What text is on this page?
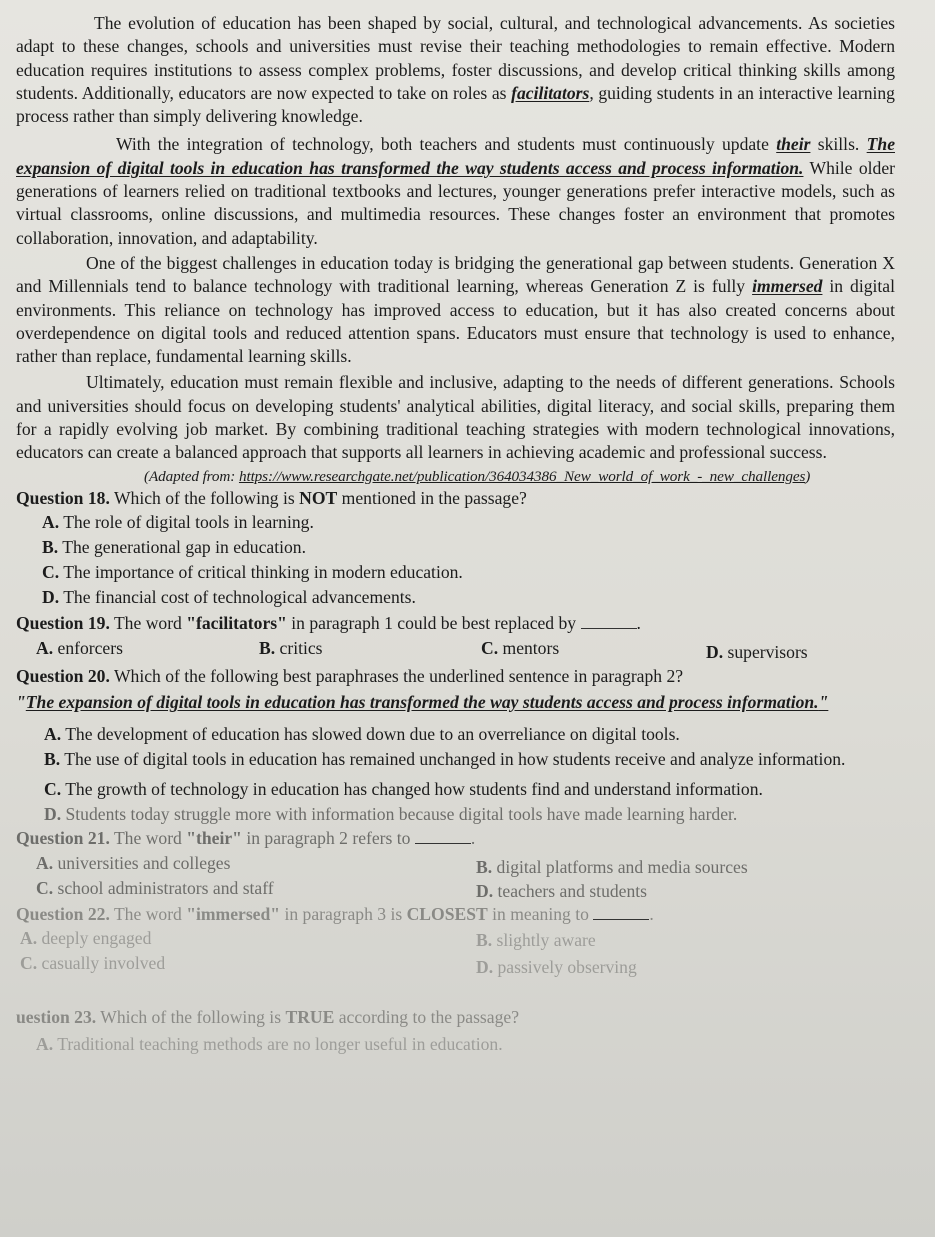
The evolution of education has been shaped by social, cultural, and technological advancements. As societies adapt to these changes, schools and universities must revise their teaching methodologies to remain effective. Modern education requires institutions to assess complex problems, foster discussions, and develop critical thinking skills among students. Additionally, educators are now expected to take on roles as facilitators, guiding students in an interactive learning process rather than simply delivering knowledge.

With the integration of technology, both teachers and students must continuously update their skills. The expansion of digital tools in education has transformed the way students access and process information. While older generations of learners relied on traditional textbooks and lectures, younger generations prefer interactive models, such as virtual classrooms, online discussions, and multimedia resources. These changes foster an environment that promotes collaboration, innovation, and adaptability.

One of the biggest challenges in education today is bridging the generational gap between students. Generation X and Millennials tend to balance technology with traditional learning, whereas Generation Z is fully immersed in digital environments. This reliance on technology has improved access to education, but it has also created concerns about overdependence on digital tools and reduced attention spans. Educators must ensure that technology is used to enhance, rather than replace, fundamental learning skills.

Ultimately, education must remain flexible and inclusive, adapting to the needs of different generations. Schools and universities should focus on developing students' analytical abilities, digital literacy, and social skills, preparing them for a rapidly evolving job market. By combining traditional teaching strategies with modern technological innovations, educators can create a balanced approach that supports all learners in achieving academic and professional success.

(Adapted from: https://www.researchgate.net/publication/364034386_New_world_of_work_-_new_challenges)

Question 18. Which of the following is NOT mentioned in the passage?

A. The role of digital tools in learning.

B. The generational gap in education.

C. The importance of critical thinking in modern education.

D. The financial cost of technological advancements.

Question 19. The word "facilitators" in paragraph 1 could be best replaced by	.

A. enforcers	B. critics	C. mentors	D. supervisors

Question 20. Which of the following best paraphrases the underlined sentence in paragraph 2?

"The expansion of digital tools in education has transformed the way students access and process information."

A. The development of education has slowed down due to an overreliance on digital tools.

B. The use of digital tools in education has remained unchanged in how students receive and analyze information.

C. The growth of technology in education has changed how students find and understand information.

D. Students today struggle more with information because digital tools have made learning harder.

Question 21. The word "their" in paragraph 2 refers to	.

A. universities and colleges	B. digital platforms and media sources
C. school administrators and staff	D. teachers and students

Question 22. The word "immersed" in paragraph 3 is CLOSEST in meaning to	.

A. deeply engaged	B. slightly aware
C. casually involved	D. passively observing

uestion 23. Which of the following is TRUE according to the passage?

A. Traditional teaching methods are no longer useful in education.
